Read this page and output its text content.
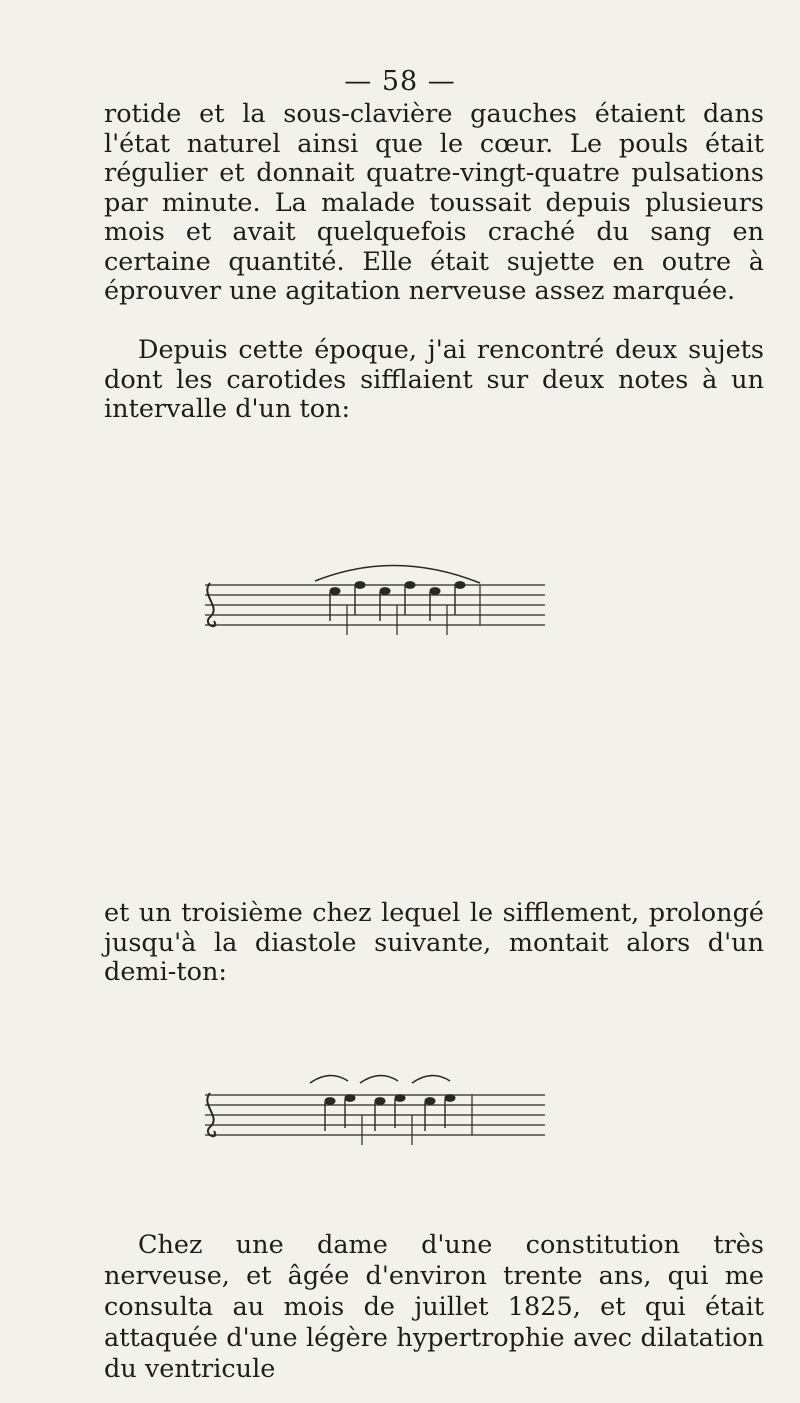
— 58 —

rotide et la sous-clavière gauches étaient dans l'état naturel ainsi que le cœur. Le pouls était régulier et donnait quatre-vingt-quatre pulsations par minute. La malade toussait depuis plusieurs mois et avait quelquefois craché du sang en certaine quantité. Elle était sujette en outre à éprouver une agitation nerveuse assez marquée.

Depuis cette époque, j'ai rencontré deux sujets dont les carotides sifflaient sur deux notes à un intervalle d'un ton:

et un troisième chez lequel le sifflement, prolongé jusqu'à la diastole suivante, montait alors d'un demi-ton:

Chez une dame d'une constitution très nerveuse, et âgée d'environ trente ans, qui me consulta au mois de juillet 1825, et qui était attaquée d'une légère hypertrophie avec dilatation du ventricule
